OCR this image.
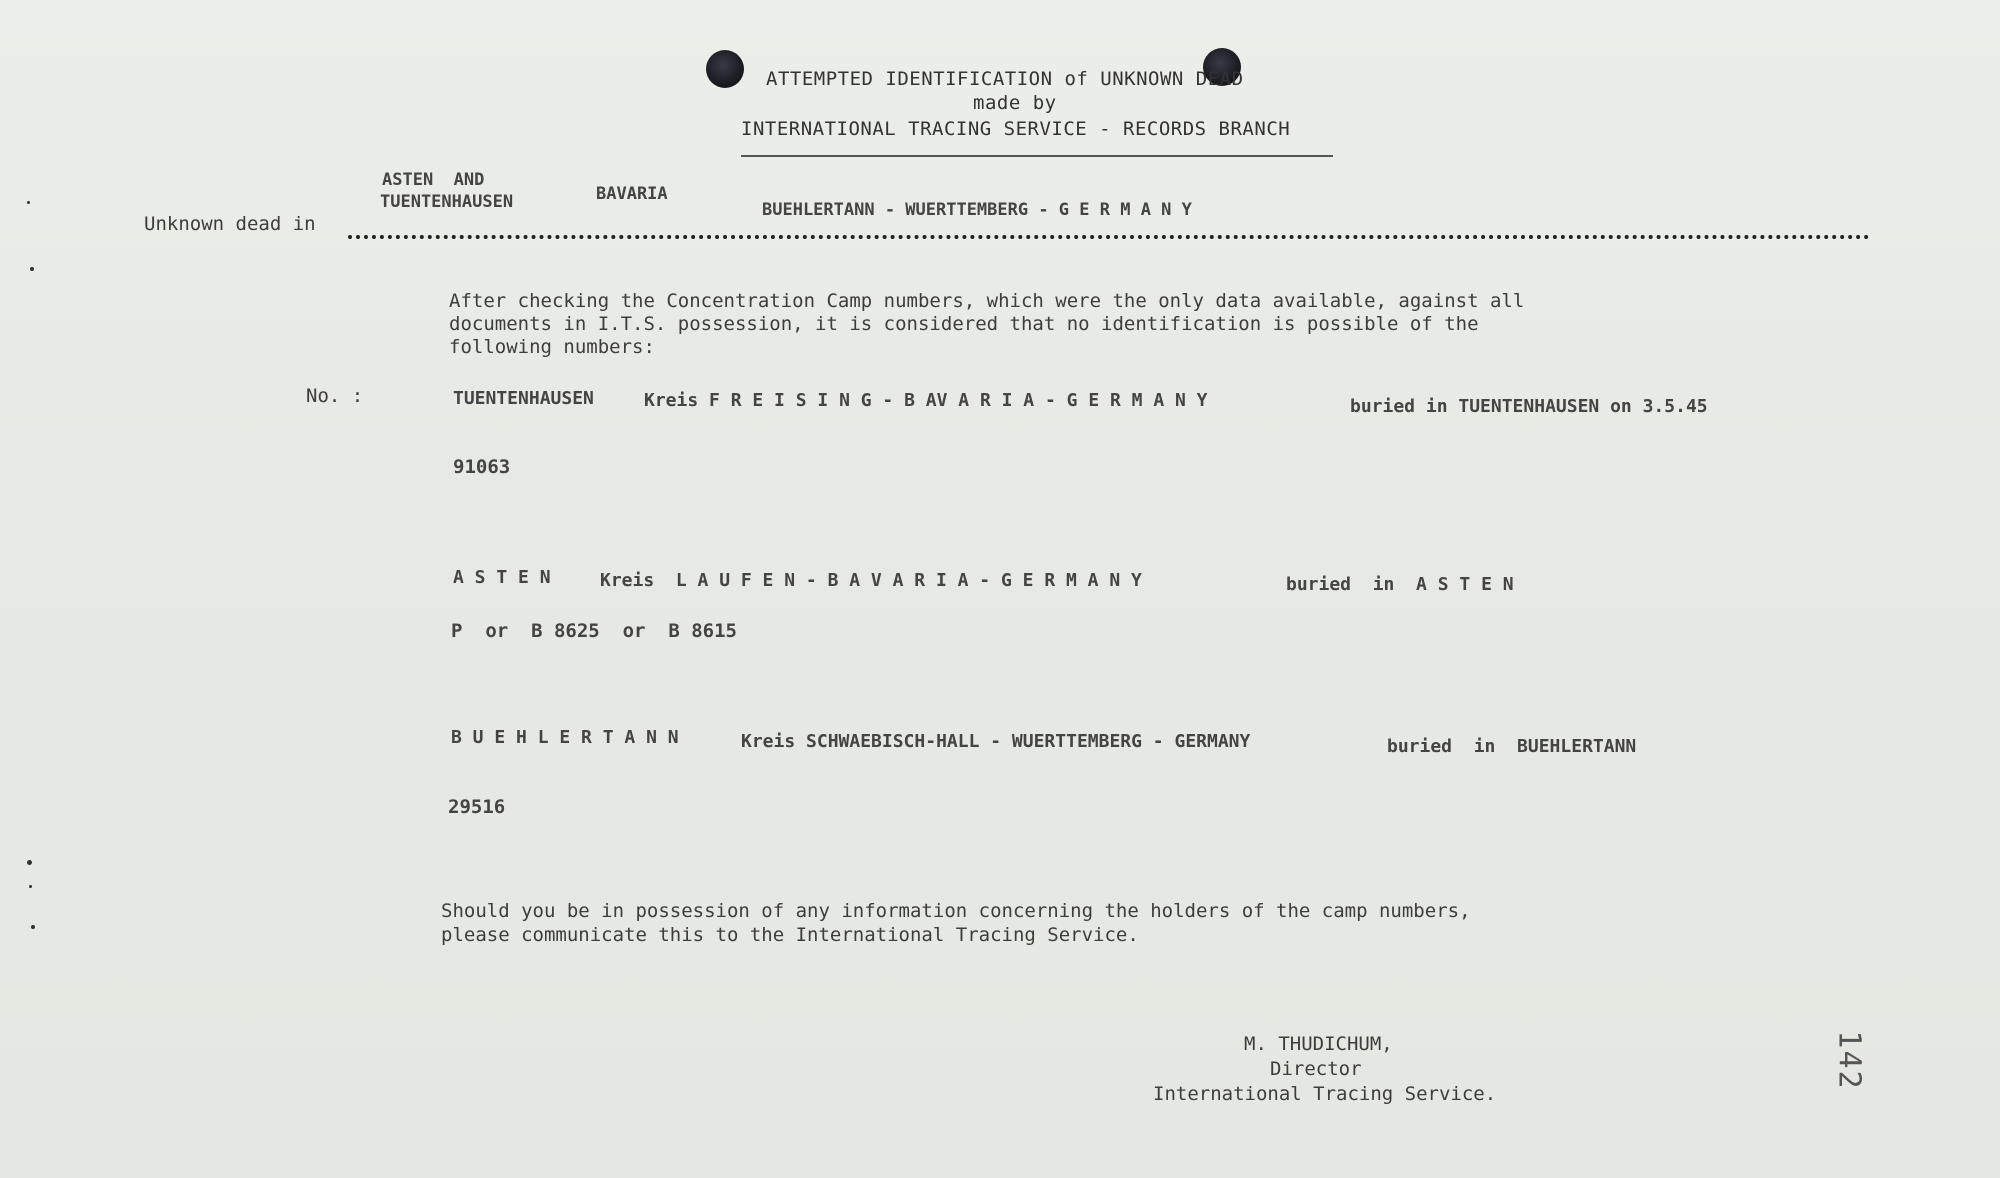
ATTEMPTED IDENTIFICATION of UNKNOWN DEAD
made by
INTERNATIONAL TRACING SERVICE - RECORDS BRANCH
ASTEN  AND
TUENTENHAUSEN	BAVARIA
BUEHLERTANN - WUERTTEMBERG - G E R M A N Y
Unknown dead in
After checking the Concentration Camp numbers, which were the only data available, against all
documents in I.T.S. possession, it is considered that no identification is possible of the
following numbers:
No. :	TUENTENHAUSEN	Kreis F R E I S I N G - B AV A R I A - G E R M A N Y	buried in TUENTENHAUSEN on 3.5.45
91063
A S T E N	Kreis  L A U F E N - B A V A R I A - G E R M A N Y	buried  in  A S T E N
P  or  B 8625  or  B 8615
B U E H L E R T A N N	Kreis SCHWAEBISCH-HALL - WUERTTEMBERG - GERMANY	buried  in  BUEHLERTANN
29516
Should you be in possession of any information concerning the holders of the camp numbers,
please communicate this to the International Tracing Service.
M. THUDICHUM,
Director
International Tracing Service.
142
